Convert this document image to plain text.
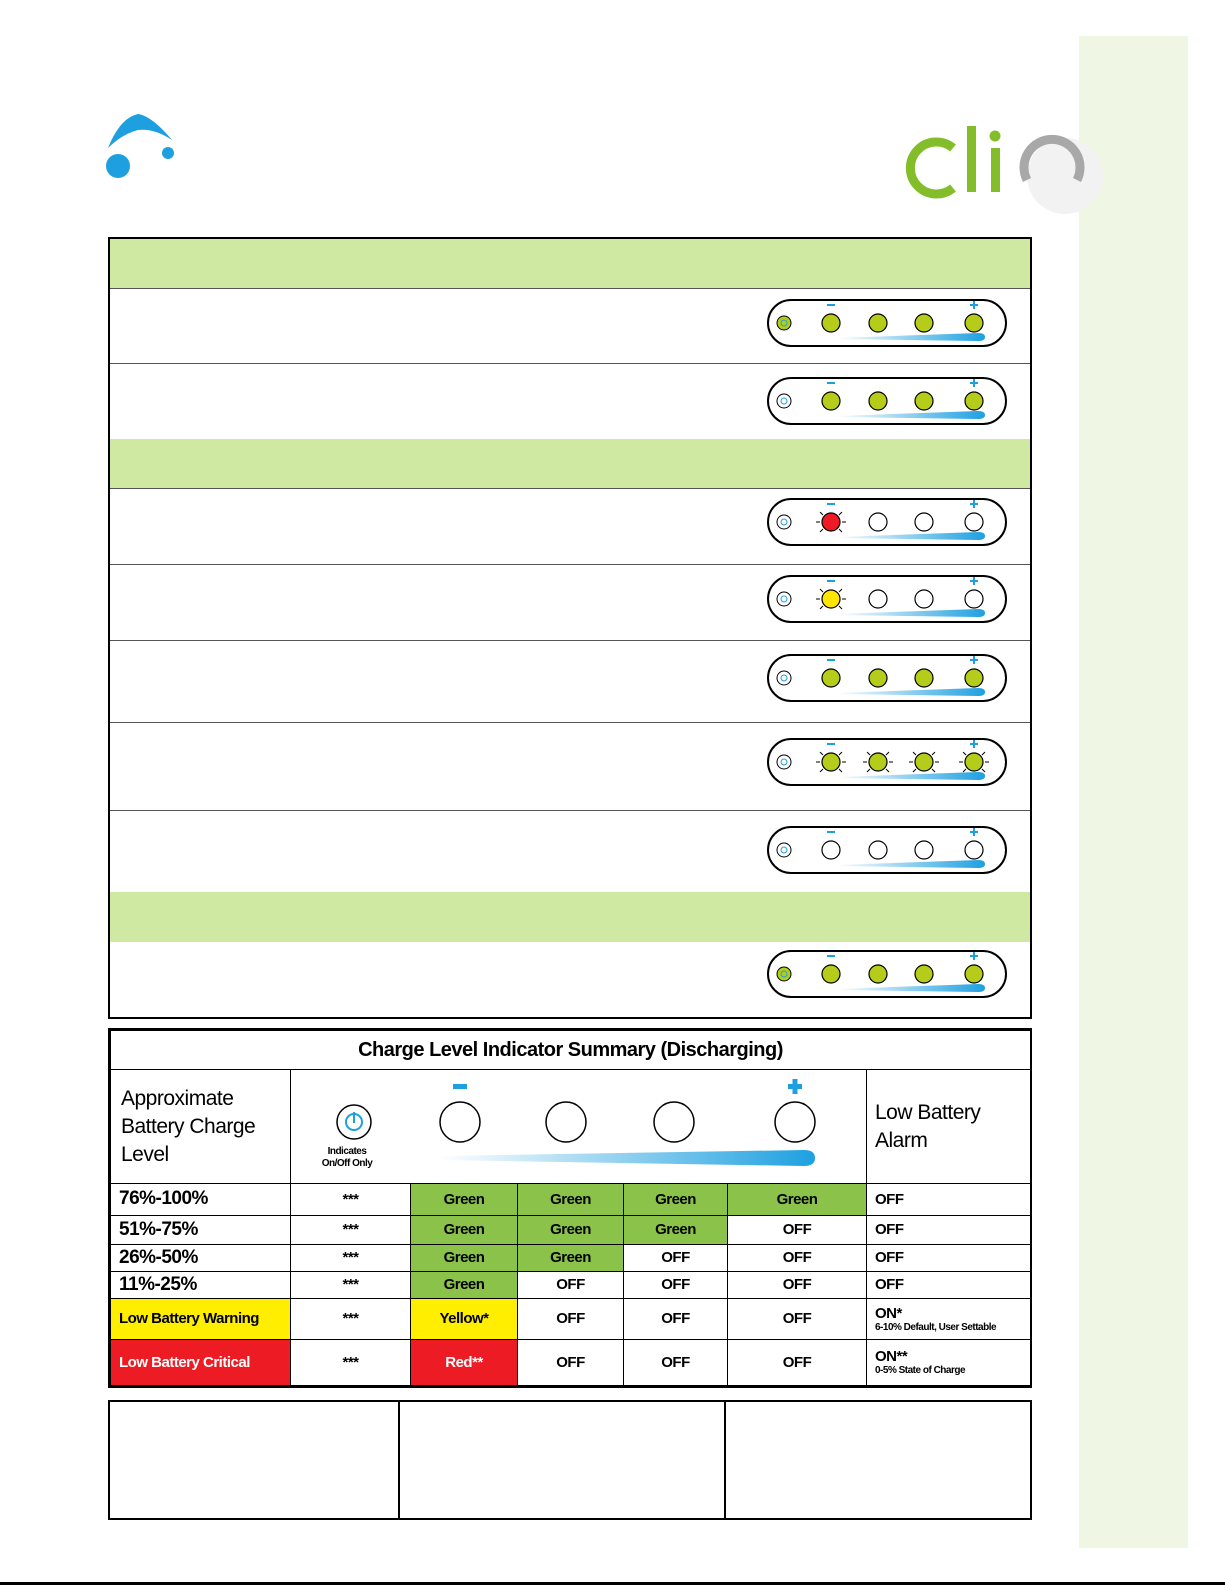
Charge Level Indicator Summary (Discharging)						
Approximate Battery Charge Level	Indicates On/Off Only					Low Battery Alarm
76%-100%	***	Green	Green	Green	Green	OFF
51%-75%	***	Green	Green	Green	OFF	OFF
26%-50%	***	Green	Green	OFF	OFF	OFF
11%-25%	***	Green	OFF	OFF	OFF	OFF
Low Battery Warning	***	Yellow*	OFF	OFF	OFF	ON*
6-10% Default, User Settable

Low Battery Critical	***	Red**	OFF	OFF	OFF	ON**
0-5% State of Charge
